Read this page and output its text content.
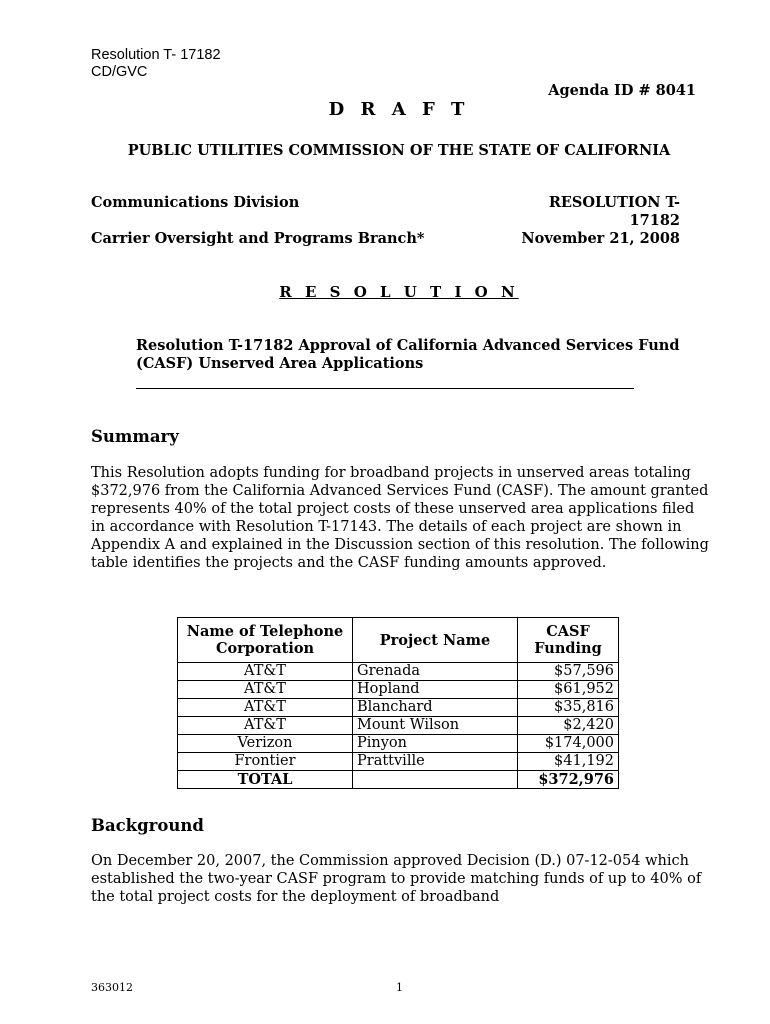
Resolution T- 17182
CD/GVC
Agenda ID # 8041
D R A F T
PUBLIC UTILITIES COMMISSION OF THE STATE OF CALIFORNIA
Communications Division
Carrier Oversight and Programs Branch*
RESOLUTION T-
17182
November 21, 2008
R E S O L U T I O N
Resolution T-17182 Approval of California Advanced Services Fund (CASF) Unserved Area Applications
Summary
This Resolution adopts funding for broadband projects in unserved areas totaling $372,976 from the California Advanced Services Fund (CASF). The amount granted represents 40% of the total project costs of these unserved area applications filed in accordance with Resolution T-17143. The details of each project are shown in Appendix A and explained in the Discussion section of this resolution. The following table identifies the projects and the CASF funding amounts approved.
Name of Telephone Corporation	Project Name	CASF Funding
AT&T	Grenada	$57,596
AT&T	Hopland	$61,952
AT&T	Blanchard	$35,816
AT&T	Mount Wilson	$2,420
Verizon	Pinyon	$174,000
Frontier	Prattville	$41,192
TOTAL		$372,976
Background
On December 20, 2007, the Commission approved Decision (D.) 07-12-054 which established the two-year CASF program to provide matching funds of up to 40% of the total project costs for the deployment of broadband
363012	1
